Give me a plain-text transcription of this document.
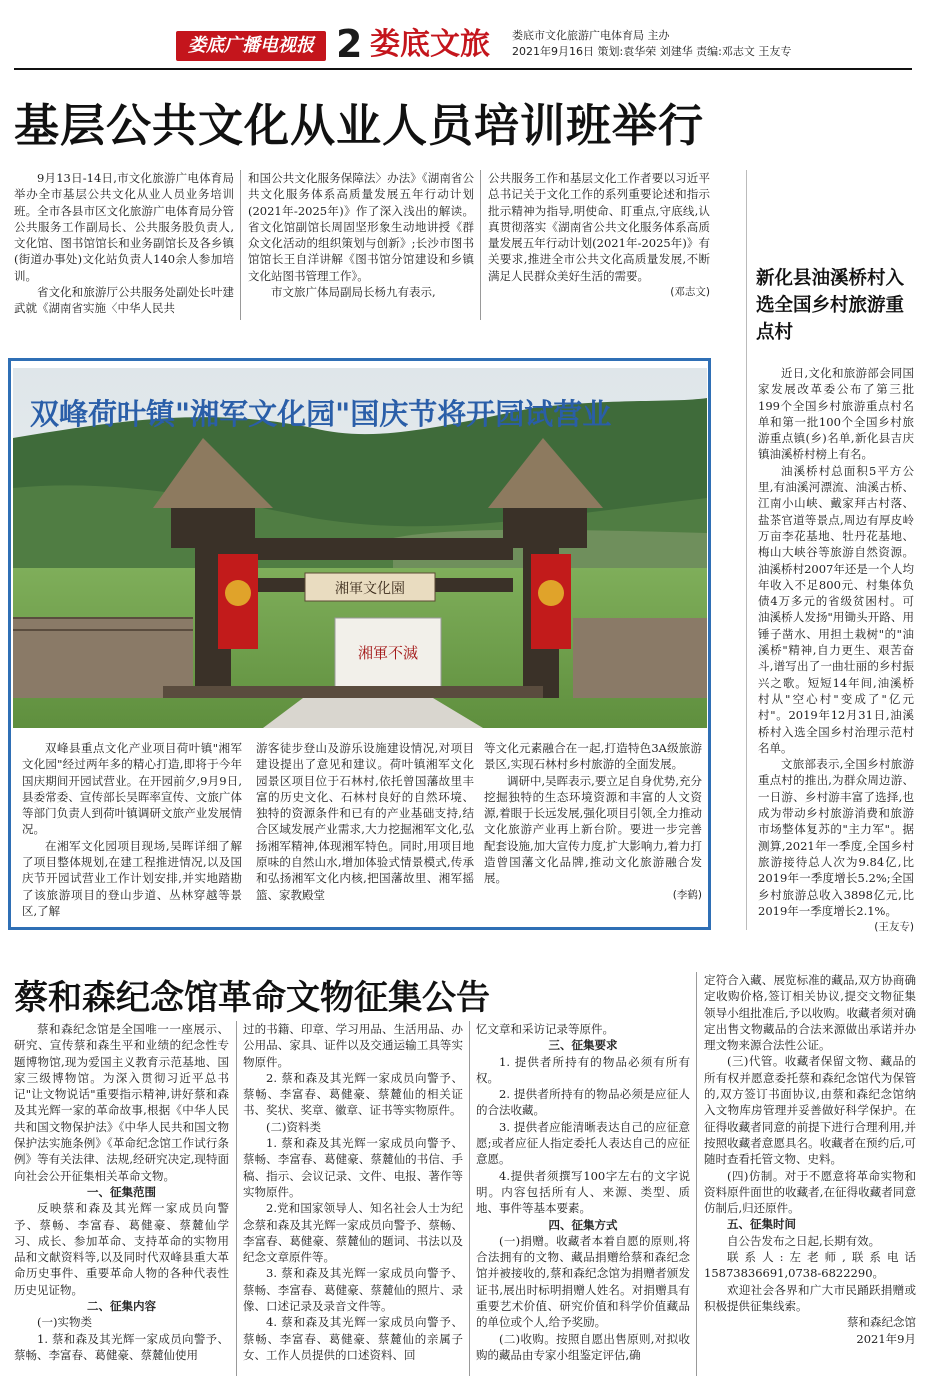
娄底广播电视报 2 娄底文旅 娄底市文化旅游广电体育局 主办
2021年9月16日 策划:袁华荣 刘建华 责编:邓志文 王友专
基层公共文化从业人员培训班举行

9月13日-14日,市文化旅游广电体育局举办全市基层公共文化从业人员业务培训班。全市各县市区文化旅游广电体育局分管公共服务工作副局长、公共服务股负责人,文化馆、图书馆馆长和业务副馆长及各乡镇(街道办事处)文化站负责人140余人参加培训。

省文化和旅游厅公共服务处副处长叶建武就《湖南省实施〈中华人民共

和国公共文化服务保障法〉办法》《湖南省公共文化服务体系高质量发展五年行动计划(2021年-2025年)》作了深入浅出的解读。省文化馆副馆长周固坚形象生动地讲授《群众文化活动的组织策划与创新》;长沙市图书馆馆长王自洋讲解《图书馆分馆建设和乡镇文化站图书管理工作》。

市文旅广体局副局长杨九有表示,

公共服务工作和基层文化工作者要以习近平总书记关于文化工作的系列重要论述和指示批示精神为指导,明使命、盯重点,守底线,认真贯彻落实《湖南省公共文化服务体系高质量发展五年行动计划(2021年-2025年)》有关要求,推进全市公共文化高质量发展,不断满足人民群众美好生活的需要。

(邓志文)
新化县油溪桥村入选全国乡村旅游重点村

近日,文化和旅游部会同国家发展改革委公布了第三批199个全国乡村旅游重点村名单和第一批100个全国乡村旅游重点镇(乡)名单,新化县吉庆镇油溪桥村榜上有名。

油溪桥村总面积5平方公里,有油溪河漂流、油溪古桥、江南小山峡、戴家拜古村落、盐茶官道等景点,周边有厚皮岭万亩李花基地、牡丹花基地、梅山大峡谷等旅游自然资源。油溪桥村2007年还是一个人均年收入不足800元、村集体负债4万多元的省级贫困村。可油溪桥人发扬"用锄头开路、用锤子凿水、用担土栽树"的"油溪桥"精神,自力更生、艰苦奋斗,谱写出了一曲壮丽的乡村振兴之歌。短短14年间,油溪桥村从"空心村"变成了"亿元村"。2019年12月31日,油溪桥村入选全国乡村治理示范村名单。

文旅部表示,全国乡村旅游重点村的推出,为群众周边游、一日游、乡村游丰富了选择,也成为带动乡村旅游消费和旅游市场整体复苏的"主力军"。据测算,2021年一季度,全国乡村旅游接待总人次为9.84亿,比2019年一季度增长5.2%;全国乡村旅游总收入3898亿元,比2019年一季度增长2.1%。

(王友专)
湘軍不滅
湘軍文化園
双峰荷叶镇"湘军文化园"国庆节将开园试营业

双峰县重点文化产业项目荷叶镇"湘军文化园"经过两年多的精心打造,即将于今年国庆期间开园试营业。在开园前夕,9月9日,县委常委、宣传部长吴晖率宣传、文旅广体等部门负责人到荷叶镇调研文旅产业发展情况。

在湘军文化园项目现场,吴晖详细了解了项目整体规划,在建工程推进情况,以及国庆节开园试营业工作计划安排,并实地踏勘了该旅游项目的登山步道、丛林穿越等景区,了解

游客徒步登山及游乐设施建设情况,对项目建设提出了意见和建议。荷叶镇湘军文化园景区项目位于石林村,依托曾国藩故里丰富的历史文化、石林村良好的自然环境、独特的资源条件和已有的产业基础支持,结合区域发展产业需求,大力挖掘湘军文化,弘扬湘军精神,体现湘军特色。同时,用项目地原味的自然山水,增加体验式情景模式,传承和弘扬湘军文化内核,把国藩故里、湘军摇篮、家教殿堂

等文化元素融合在一起,打造特色3A级旅游景区,实现石林村乡村旅游的全面发展。

调研中,吴晖表示,要立足自身优势,充分挖掘独特的生态环境资源和丰富的人文资源,着眼于长远发展,强化项目引领,全力推动文化旅游产业再上新台阶。要进一步完善配套设施,加大宣传力度,扩大影响力,着力打造曾国藩文化品牌,推动文化旅游融合发展。

(李鹤)
蔡和森纪念馆革命文物征集公告

蔡和森纪念馆是全国唯一一座展示、研究、宣传蔡和森生平和业绩的纪念性专题博物馆,现为爱国主义教育示范基地、国家三级博物馆。为深入贯彻习近平总书记"让文物说话"重要指示精神,讲好蔡和森及其光辉一家的革命故事,根据《中华人民共和国文物保护法》《中华人民共和国文物保护法实施条例》《革命纪念馆工作试行条例》等有关法律、法规,经研究决定,现特面向社会公开征集相关革命文物。

一、征集范围

反映蔡和森及其光辉一家成员向警予、蔡畅、李富春、葛健豪、蔡麓仙学习、成长、参加革命、支持革命的实物用品和文献资料等,以及同时代双峰县重大革命历史事件、重要革命人物的各种代表性历史见证物。

二、征集内容

(一)实物类

1. 蔡和森及其光辉一家成员向警予、蔡畅、李富春、葛健豪、蔡麓仙使用

过的书籍、印章、学习用品、生活用品、办公用品、家具、证件以及交通运输工具等实物原件。

2. 蔡和森及其光辉一家成员向警予、蔡畅、李富春、葛健豪、蔡麓仙的相关证书、奖状、奖章、徽章、证书等实物原件。

(二)资料类

1. 蔡和森及其光辉一家成员向警予、蔡畅、李富春、葛健豪、蔡麓仙的书信、手稿、指示、会议记录、文件、电报、著作等实物原件。

2.党和国家领导人、知名社会人士为纪念蔡和森及其光辉一家成员向警予、蔡畅、李富春、葛健豪、蔡麓仙的题词、书法以及纪念文章原件等。

3. 蔡和森及其光辉一家成员向警予、蔡畅、李富春、葛健豪、蔡麓仙的照片、录像、口述记录及录音文件等。

4. 蔡和森及其光辉一家成员向警予、蔡畅、李富春、葛健豪、蔡麓仙的亲属子女、工作人员提供的口述资料、回

忆文章和采访记录等原件。

三、征集要求

1. 提供者所持有的物品必须有所有权。

2. 提供者所持有的物品必须是应征人的合法收藏。

3. 提供者应能清晰表达自己的应征意愿;或者应征人指定委托人表达自己的应征意愿。

4.提供者须撰写100字左右的文字说明。内容包括所有人、来源、类型、质地、事件等基本要素。

四、征集方式

(一)捐赠。收藏者本着自愿的原则,将合法拥有的文物、藏品捐赠给蔡和森纪念馆并被接收的,蔡和森纪念馆为捐赠者颁发证书,展出时标明捐赠人姓名。对捐赠具有重要艺术价值、研究价值和科学价值藏品的单位或个人,给予奖励。

(二)收购。按照自愿出售原则,对拟收购的藏品由专家小组鉴定评估,确

定符合入藏、展览标准的藏品,双方协商确定收购价格,签订相关协议,提交文物征集领导小组批准后,予以收购。收藏者须对确定出售文物藏品的合法来源做出承诺并办理文物来源合法性公证。

(三)代管。收藏者保留文物、藏品的所有权并愿意委托蔡和森纪念馆代为保管的,双方签订书面协议,由蔡和森纪念馆纳入文物库房管理并妥善做好科学保护。在征得收藏者同意的前提下进行合理利用,并按照收藏者意愿具名。收藏者在预约后,可随时查看托管文物、史料。

(四)仿制。对于不愿意将革命实物和资料原件面世的收藏者,在征得收藏者同意仿制后,归还原件。

五、征集时间

自公告发布之日起,长期有效。

联系人:左老师,联系电话15873836691,0738-6822290。

欢迎社会各界和广大市民踊跃捐赠或积极提供征集线索。

蔡和森纪念馆

2021年9月
